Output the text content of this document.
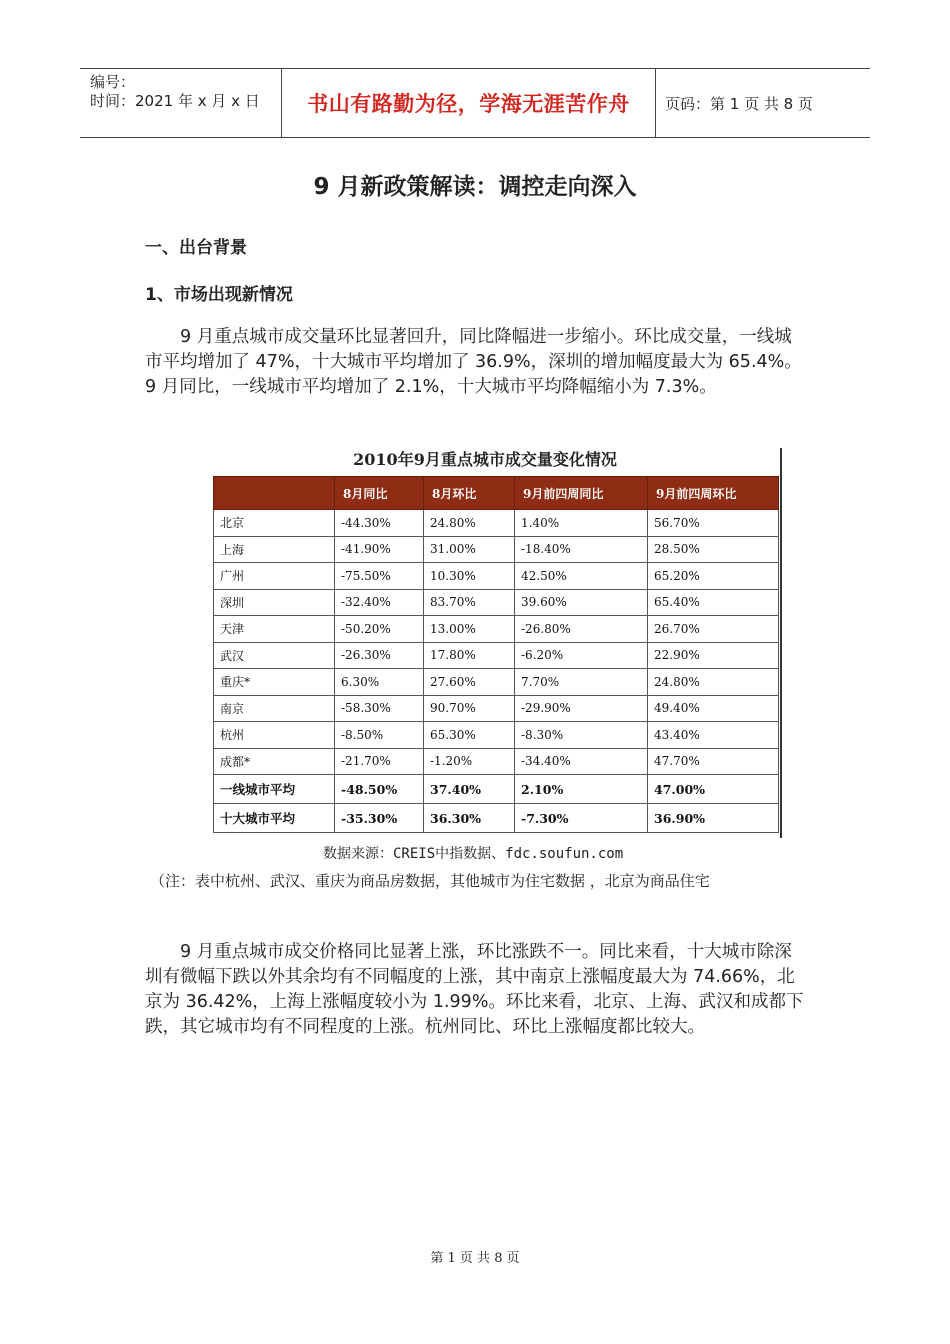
编号：
时间：2021 年 x 月 x 日	书山有路勤为径，学海无涯苦作舟	页码：第 1 页 共 8 页
9 月新政策解读：调控走向深入
一、出台背景
1、市场出现新情况
9 月重点城市成交量环比显著回升，同比降幅进一步缩小。环比成交量，一线城市平均增加了 47%，十大城市平均增加了 36.9%，深圳的增加幅度最大为 65.4%。9 月同比，一线城市平均增加了 2.1%，十大城市平均降幅缩小为 7.3%。
2010年9月重点城市成交量变化情况
	8月同比	8月环比	9月前四周同比	9月前四周环比
北京	-44.30%	24.80%	1.40%	56.70%
上海	-41.90%	31.00%	-18.40%	28.50%
广州	-75.50%	10.30%	42.50%	65.20%
深圳	-32.40%	83.70%	39.60%	65.40%
天津	-50.20%	13.00%	-26.80%	26.70%
武汉	-26.30%	17.80%	-6.20%	22.90%
重庆*	6.30%	27.60%	7.70%	24.80%
南京	-58.30%	90.70%	-29.90%	49.40%
杭州	-8.50%	65.30%	-8.30%	43.40%
成都*	-21.70%	-1.20%	-34.40%	47.70%
一线城市平均	-48.50%	37.40%	2.10%	47.00%
十大城市平均	-35.30%	36.30%	-7.30%	36.90%
数据来源：CREIS中指数据、fdc.soufun.com
（注：表中杭州、武汉、重庆为商品房数据，其他城市为住宅数据 ，北京为商品住宅
9 月重点城市成交价格同比显著上涨，环比涨跌不一。同比来看，十大城市除深圳有微幅下跌以外其余均有不同幅度的上涨，其中南京上涨幅度最大为 74.66%，北京为 36.42%，上海上涨幅度较小为 1.99%。环比来看，北京、上海、武汉和成都下跌，其它城市均有不同程度的上涨。杭州同比、环比上涨幅度都比较大。
第 1 页 共 8 页
